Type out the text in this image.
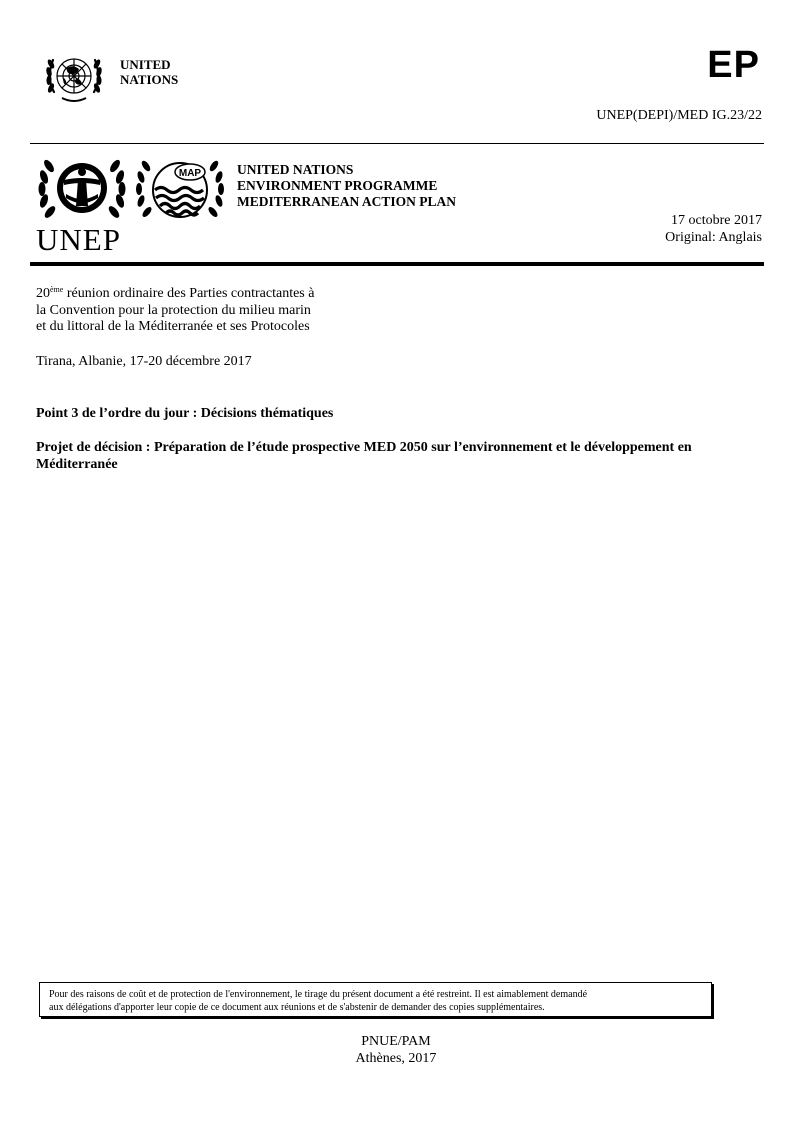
UNITED
NATIONS	EP
UNEP(DEPI)/MED IG.23/22
UNEP
MAP	UNITED NATIONS
ENVIRONMENT PROGRAMME
MEDITERRANEAN ACTION PLAN
17 octobre 2017
Original: Anglais
20ème réunion ordinaire des Parties contractantes à
la Convention pour la protection du milieu marin
et du littoral de la Méditerranée et ses Protocoles
Tirana, Albanie, 17-20 décembre 2017
Point 3 de l’ordre du jour : Décisions thématiques
Projet de décision : Préparation de l’étude prospective MED 2050 sur l’environnement et le développement en Méditerranée
Pour des raisons de coût et de protection de l'environnement, le tirage du présent document a été restreint. Il est aimablement demandé
aux délégations d'apporter leur copie de ce document aux réunions et de s'abstenir de demander des copies supplémentaires.
PNUE/PAM
Athènes, 2017
